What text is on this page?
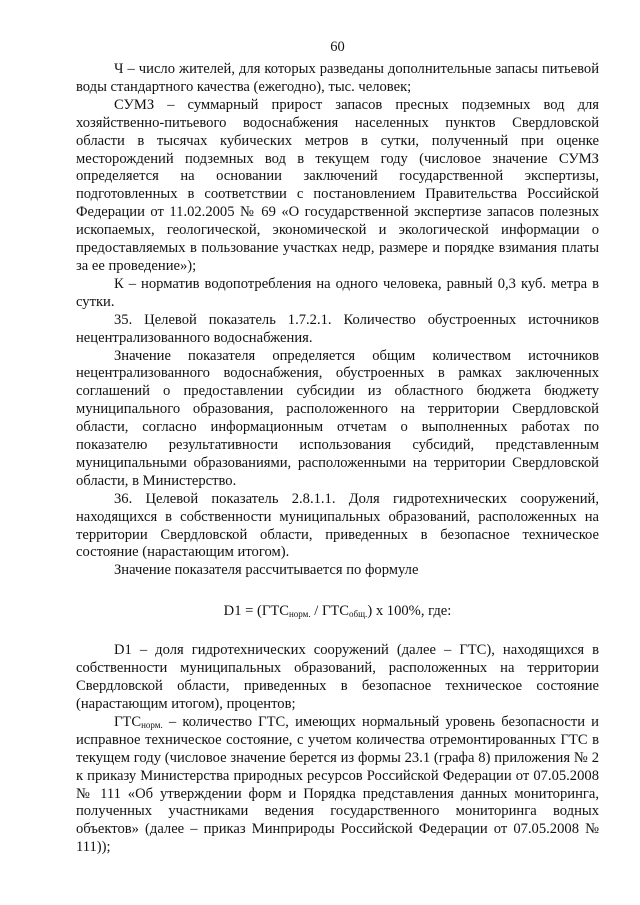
60

Ч – число жителей, для которых разведаны дополнительные запасы питьевой воды стандартного качества (ежегодно), тыс. человек;

СУМЗ – суммарный прирост запасов пресных подземных вод для хозяйственно-питьевого водоснабжения населенных пунктов Свердловской области в тысячах кубических метров в сутки, полученный при оценке месторождений подземных вод в текущем году (числовое значение СУМЗ определяется на основании заключений государственной экспертизы, подготовленных в соответствии с постановлением Правительства Российской Федерации от 11.02.2005 № 69 «О государственной экспертизе запасов полезных ископаемых, геологической, экономической и экологической информации о предоставляемых в пользование участках недр, размере и порядке взимания платы за ее проведение»);

К – норматив водопотребления на одного человека, равный 0,3 куб. метра в сутки.

35. Целевой показатель 1.7.2.1. Количество обустроенных источников нецентрализованного водоснабжения.

Значение показателя определяется общим количеством источников нецентрализованного водоснабжения, обустроенных в рамках заключенных соглашений о предоставлении субсидии из областного бюджета бюджету муниципального образования, расположенного на территории Свердловской области, согласно информационным отчетам о выполненных работах по показателю результативности использования субсидий, представленным муниципальными образованиями, расположенными на территории Свердловской области, в Министерство.

36. Целевой показатель 2.8.1.1. Доля гидротехнических сооружений, находящихся в собственности муниципальных образований, расположенных на территории Свердловской области, приведенных в безопасное техническое состояние (нарастающим итогом).

Значение показателя рассчитывается по формуле

$D1 = (ГТС_{норм.} / ГТС_{общ.})$ x 100%, где:

D1 – доля гидротехнических сооружений (далее – ГТС), находящихся в собственности муниципальных образований, расположенных на территории Свердловской области, приведенных в безопасное техническое состояние (нарастающим итогом), процентов;

$ГТС_{норм.}$ – количество ГТС, имеющих нормальный уровень безопасности и исправное техническое состояние, с учетом количества отремонтированных ГТС в текущем году (числовое значение берется из формы 23.1 (графа 8) приложения № 2 к приказу Министерства природных ресурсов Российской Федерации от 07.05.2008 № 111 «Об утверждении форм и Порядка представления данных мониторинга, полученных участниками ведения государственного мониторинга водных объектов» (далее – приказ Минприроды Российской Федерации от 07.05.2008 № 111));
